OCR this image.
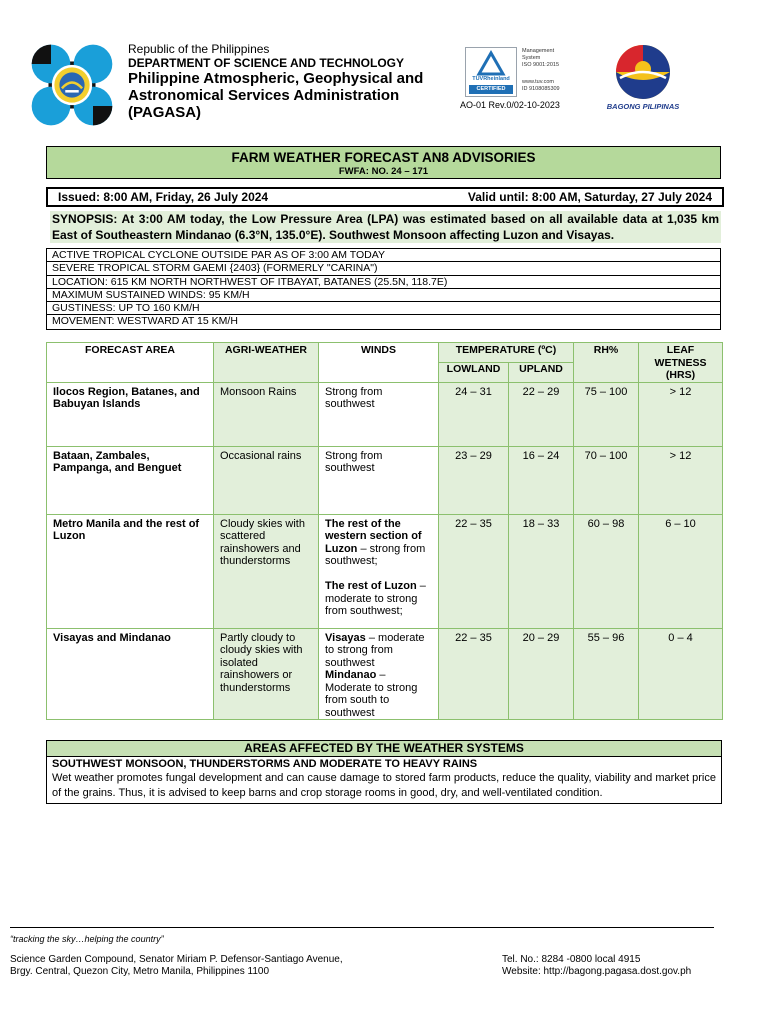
Republic of the Philippines
DEPARTMENT OF SCIENCE AND TECHNOLOGY
Philippine Atmospheric, Geophysical and
Astronomical Services Administration
(PAGASA)
TÜVRheinland
CERTIFIED
Management
System
ISO 9001:2015
www.tuv.com
ID 9108085309
AO-01 Rev.0/02-10-2023	BAGONG PILIPINAS
FARM WEATHER FORECAST AN8 ADVISORIES
FWFA: NO. 24 – 171
Issued: 8:00 AM, Friday, 26 July 2024	Valid until: 8:00 AM, Saturday, 27 July 2024
SYNOPSIS: At 3:00 AM today, the Low Pressure Area (LPA) was estimated based on all available data at 1,035 km East of Southeastern Mindanao (6.3°N, 135.0°E). Southwest Monsoon affecting Luzon and Visayas.
ACTIVE TROPICAL CYCLONE OUTSIDE PAR AS OF 3:00 AM TODAY
SEVERE TROPICAL STORM GAEMI {2403} (FORMERLY "CARINA")
LOCATION: 615 KM NORTH NORTHWEST OF ITBAYAT, BATANES (25.5N, 118.7E)
MAXIMUM SUSTAINED WINDS: 95 KM/H
GUSTINESS: UP TO 160 KM/H
MOVEMENT: WESTWARD AT 15 KM/H
FORECAST AREA	AGRI-WEATHER	WINDS	TEMPERATURE (ºC)		RH%	LEAF WETNESS (HRS)

			LOWLAND	UPLAND		
Ilocos Region, Batanes, and Babuyan Islands	Monsoon Rains	Strong from southwest	24 – 31	22 – 29	75 – 100	> 12
Bataan, Zambales, Pampanga, and Benguet	Occasional rains	Strong from southwest	23 – 29	16 – 24	70 – 100	> 12
Metro Manila and the rest of Luzon	Cloudy skies with scattered rainshowers and thunderstorms	The rest of the western section of Luzon – strong from southwest;
The rest of Luzon – moderate to strong from southwest;	22 – 35	18 – 33	60 – 98	6 – 10
Visayas and Mindanao	Partly cloudy to cloudy skies with isolated rainshowers or thunderstorms	Visayas – moderate to strong from southwest
Mindanao – Moderate to strong from south to southwest	22 – 35	20 – 29	55 – 96	0 – 4
AREAS AFFECTED BY THE WEATHER SYSTEMS
SOUTHWEST MONSOON, THUNDERSTORMS AND MODERATE TO HEAVY RAINS
Wet weather promotes fungal development and can cause damage to stored farm products, reduce the quality, viability and market price of the grains. Thus, it is advised to keep barns and crop storage rooms in good, dry, and well-ventilated condition.
“tracking the sky…helping the country”
Science Garden Compound, Senator Miriam P. Defensor-Santiago Avenue,
Brgy. Central, Quezon City, Metro Manila, Philippines 1100
Tel. No.: 8284 -0800 local 4915
Website: http://bagong.pagasa.dost.gov.ph
